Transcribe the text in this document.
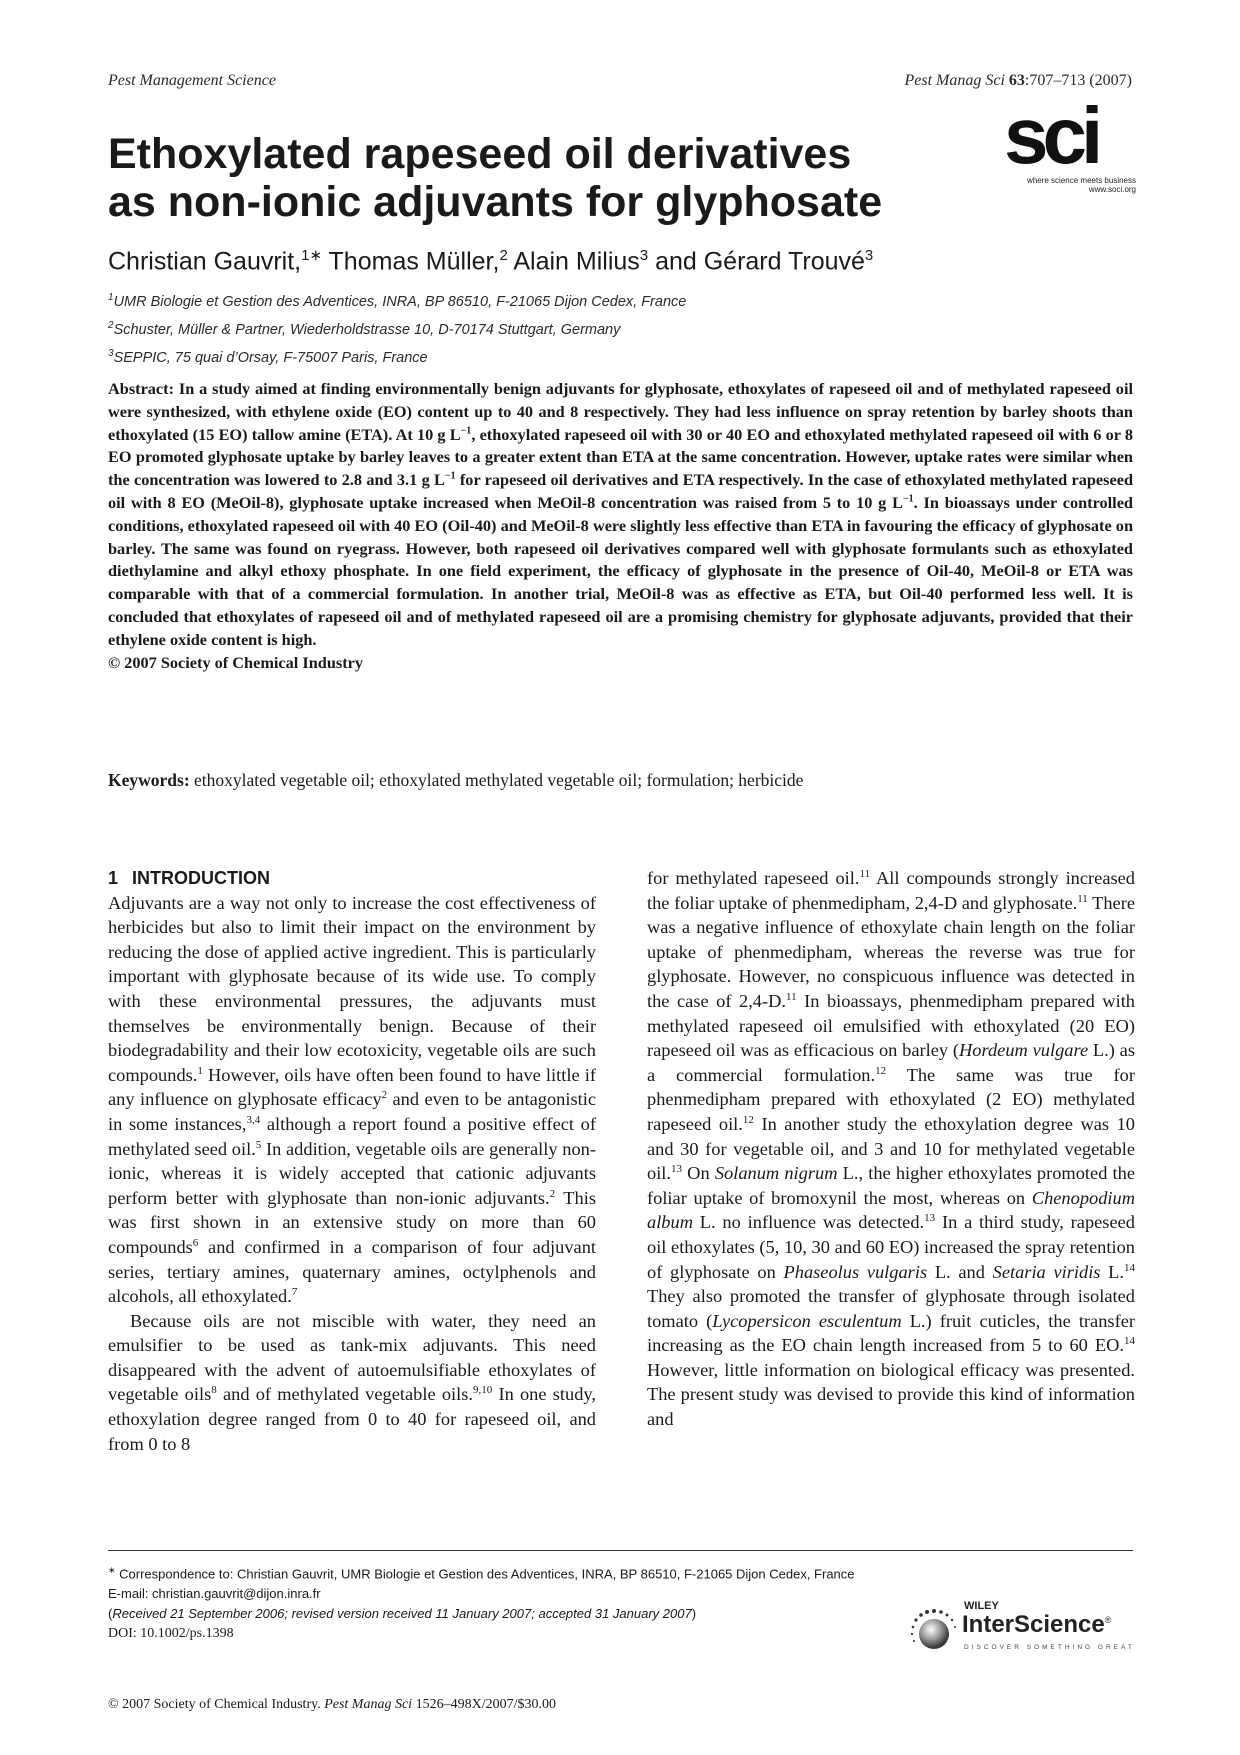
Pest Management Science	Pest Manag Sci 63:707–713 (2007)
sci
where science meets business
www.soci.org
Ethoxylated rapeseed oil derivatives
as non-ionic adjuvants for glyphosate
Christian Gauvrit,$^{1∗}$ Thomas Müller,$^2$ Alain Milius$^3$ and Gérard Trouvé$^3$
$^1$UMR Biologie et Gestion des Adventices, INRA, BP 86510, F-21065 Dijon Cedex, France
$^2$Schuster, Müller & Partner, Wiederholdstrasse 10, D-70174 Stuttgart, Germany
$^3$SEPPIC, 75 quai d’Orsay, F-75007 Paris, France

Abstract: In a study aimed at finding environmentally benign adjuvants for glyphosate, ethoxylates of rapeseed oil and of methylated rapeseed oil were synthesized, with ethylene oxide (EO) content up to 40 and 8 respectively. They had less influence on spray retention by barley shoots than ethoxylated (15 EO) tallow amine (ETA). At 10 g $L^{-1}$, ethoxylated rapeseed oil with 30 or 40 EO and ethoxylated methylated rapeseed oil with 6 or 8 EO promoted glyphosate uptake by barley leaves to a greater extent than ETA at the same concentration. However, uptake rates were similar when the concentration was lowered to 2.8 and 3.1 g $L^{-1}$ for rapeseed oil derivatives and ETA respectively. In the case of ethoxylated methylated rapeseed oil with 8 EO (MeOil-8), glyphosate uptake increased when MeOil-8 concentration was raised from 5 to 10 g $L^{-1}$. In bioassays under controlled conditions, ethoxylated rapeseed oil with 40 EO (Oil-40) and MeOil-8 were slightly less effective than ETA in favouring the efficacy of glyphosate on barley. The same was found on ryegrass. However, both rapeseed oil derivatives compared well with glyphosate formulants such as ethoxylated diethylamine and alkyl ethoxy phosphate. In one field experiment, the efficacy of glyphosate in the presence of Oil-40, MeOil-8 or ETA was comparable with that of a commercial formulation. In another trial, MeOil-8 was as effective as ETA, but Oil-40 performed less well. It is concluded that ethoxylates of rapeseed oil and of methylated rapeseed oil are a promising chemistry for glyphosate adjuvants, provided that their ethylene oxide content is high.
© 2007 Society of Chemical Industry

Keywords: ethoxylated vegetable oil; ethoxylated methylated vegetable oil; formulation; herbicide
1 INTRODUCTION

Adjuvants are a way not only to increase the cost effectiveness of herbicides but also to limit their impact on the environment by reducing the dose of applied active ingredient. This is particularly important with glyphosate because of its wide use. To comply with these environmental pressures, the adjuvants must themselves be environmentally benign. Because of their biodegradability and their low ecotoxicity, vegetable oils are such compounds.$^1$ However, oils have often been found to have little if any influence on glyphosate efficacy$^2$ and even to be antagonistic in some instances,$^{3,4}$ although a report found a positive effect of methylated seed oil.$^5$ In addition, vegetable oils are generally non-ionic, whereas it is widely accepted that cationic adjuvants perform better with glyphosate than non-ionic adjuvants.$^2$ This was first shown in an extensive study on more than 60 compounds$^6$ and confirmed in a comparison of four adjuvant series, tertiary amines, quaternary amines, octylphenols and alcohols, all ethoxylated.$^7$

Because oils are not miscible with water, they need an emulsifier to be used as tank-mix adjuvants. This need disappeared with the advent of autoemulsifiable ethoxylates of vegetable oils$^8$ and of methylated vegetable oils.$^{9,10}$ In one study, ethoxylation degree ranged from 0 to 40 for rapeseed oil, and from 0 to 8

for methylated rapeseed oil.$^{11}$ All compounds strongly increased the foliar uptake of phenmedipham, 2,4-D and glyphosate.$^{11}$ There was a negative influence of ethoxylate chain length on the foliar uptake of phenmedipham, whereas the reverse was true for glyphosate. However, no conspicuous influence was detected in the case of 2,4-D.$^{11}$ In bioassays, phenmedipham prepared with methylated rapeseed oil emulsified with ethoxylated (20 EO) rapeseed oil was as efficacious on barley (Hordeum vulgare L.) as a commercial formulation.$^{12}$ The same was true for phenmedipham prepared with ethoxylated (2 EO) methylated rapeseed oil.$^{12}$ In another study the ethoxylation degree was 10 and 30 for vegetable oil, and 3 and 10 for methylated vegetable oil.$^{13}$ On Solanum nigrum L., the higher ethoxylates promoted the foliar uptake of bromoxynil the most, whereas on Chenopodium album L. no influence was detected.$^{13}$ In a third study, rapeseed oil ethoxylates (5, 10, 30 and 60 EO) increased the spray retention of glyphosate on Phaseolus vulgaris L. and Setaria viridis L.$^{14}$ They also promoted the transfer of glyphosate through isolated tomato (Lycopersicon esculentum L.) fruit cuticles, the transfer increasing as the EO chain length increased from 5 to 60 EO.$^{14}$ However, little information on biological efficacy was presented. The present study was devised to provide this kind of information and

∗ Correspondence to: Christian Gauvrit, UMR Biologie et Gestion des Adventices, INRA, BP 86510, F-21065 Dijon Cedex, France
E-mail: christian.gauvrit@dijon.inra.fr
(Received 21 September 2006; revised version received 11 January 2007; accepted 31 January 2007)
DOI: 10.1002/ps.1398
© 2007 Society of Chemical Industry. Pest Manag Sci 1526–498X/2007/$30.00
WILEY
InterScience®
DISCOVER SOMETHING GREAT
